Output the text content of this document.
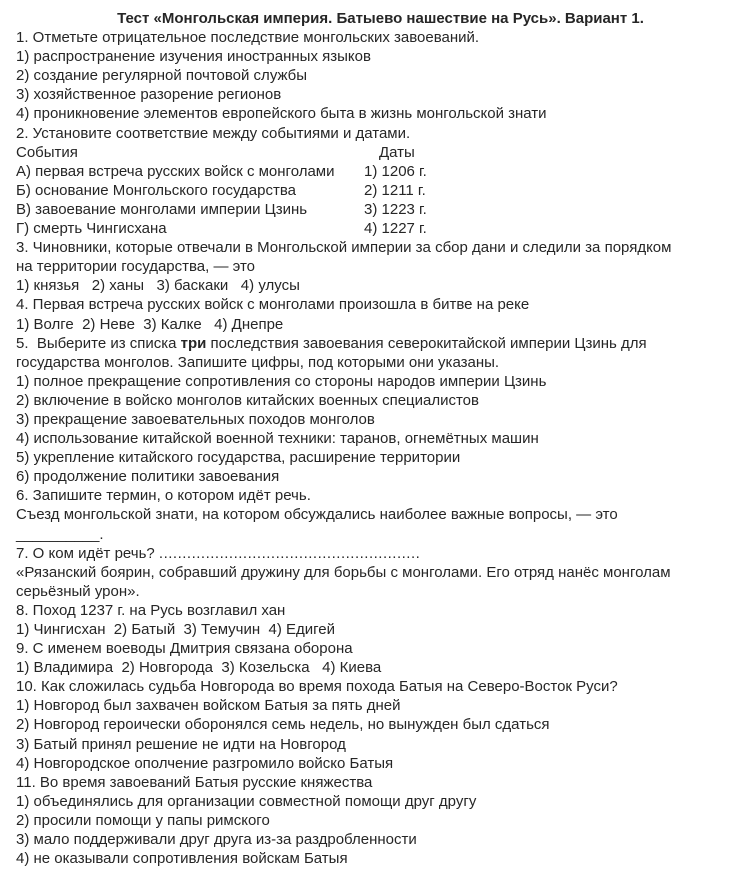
Тест «Монгольская империя. Батыево нашествие на Русь». Вариант 1.
1. Отметьте отрицательное последствие монгольских завоеваний.
1) распространение изучения иностранных языков
2) создание регулярной почтовой службы
3) хозяйственное разорение регионов
4) проникновение элементов европейского быта в жизнь монгольской знати
2. Установите соответствие между событиями и датами.
События	Даты
А) первая встреча русских войск с монголами	1) 1206 г.
Б) основание Монгольского государства	2) 1211 г.
В) завоевание монголами империи Цзинь	3) 1223 г.
Г) смерть Чингисхана	4) 1227 г.
3. Чиновники, которые отвечали в Монгольской империи за сбор дани и следили за порядком
на территории государства, — это
1) князья   2) ханы   3) баскаки   4) улусы
4. Первая встреча русских войск с монголами произошла в битве на реке
1) Волге  2) Неве  3) Калке   4) Днепре
5.  Выберите из списка три последствия завоевания северокитайской империи Цзинь для
государства монголов. Запишите цифры, под которыми они указаны.
1) полное прекращение сопротивления со стороны народов империи Цзинь
2) включение в войско монголов китайских военных специалистов
3) прекращение завоевательных походов монголов
4) использование китайской военной техники: таранов, огнемётных машин
5) укрепление китайского государства, расширение территории
6) продолжение политики завоевания
6. Запишите термин, о котором идёт речь.
Съезд монгольской знати, на котором обсуждались наиболее важные вопросы, — это
__________.
7. О ком идёт речь? ........................................................
«Рязанский боярин, собравший дружину для борьбы с монголами. Его отряд нанёс монголам
серьёзный урон».
8. Поход 1237 г. на Русь возглавил хан
1) Чингисхан  2) Батый  3) Темучин  4) Едигей
9. С именем воеводы Дмитрия связана оборона
1) Владимира  2) Новгорода  3) Козельска   4) Киева
10. Как сложилась судьба Новгорода во время похода Батыя на Северо-Восток Руси?
1) Новгород был захвачен войском Батыя за пять дней
2) Новгород героически оборонялся семь недель, но вынужден был сдаться
3) Батый принял решение не идти на Новгород
4) Новгородское ополчение разгромило войско Батыя
11. Во время завоеваний Батыя русские княжества
1) объединялись для организации совместной помощи друг другу
2) просили помощи у папы римского
3) мало поддерживали друг друга из-за раздробленности
4) не оказывали сопротивления войскам Батыя
